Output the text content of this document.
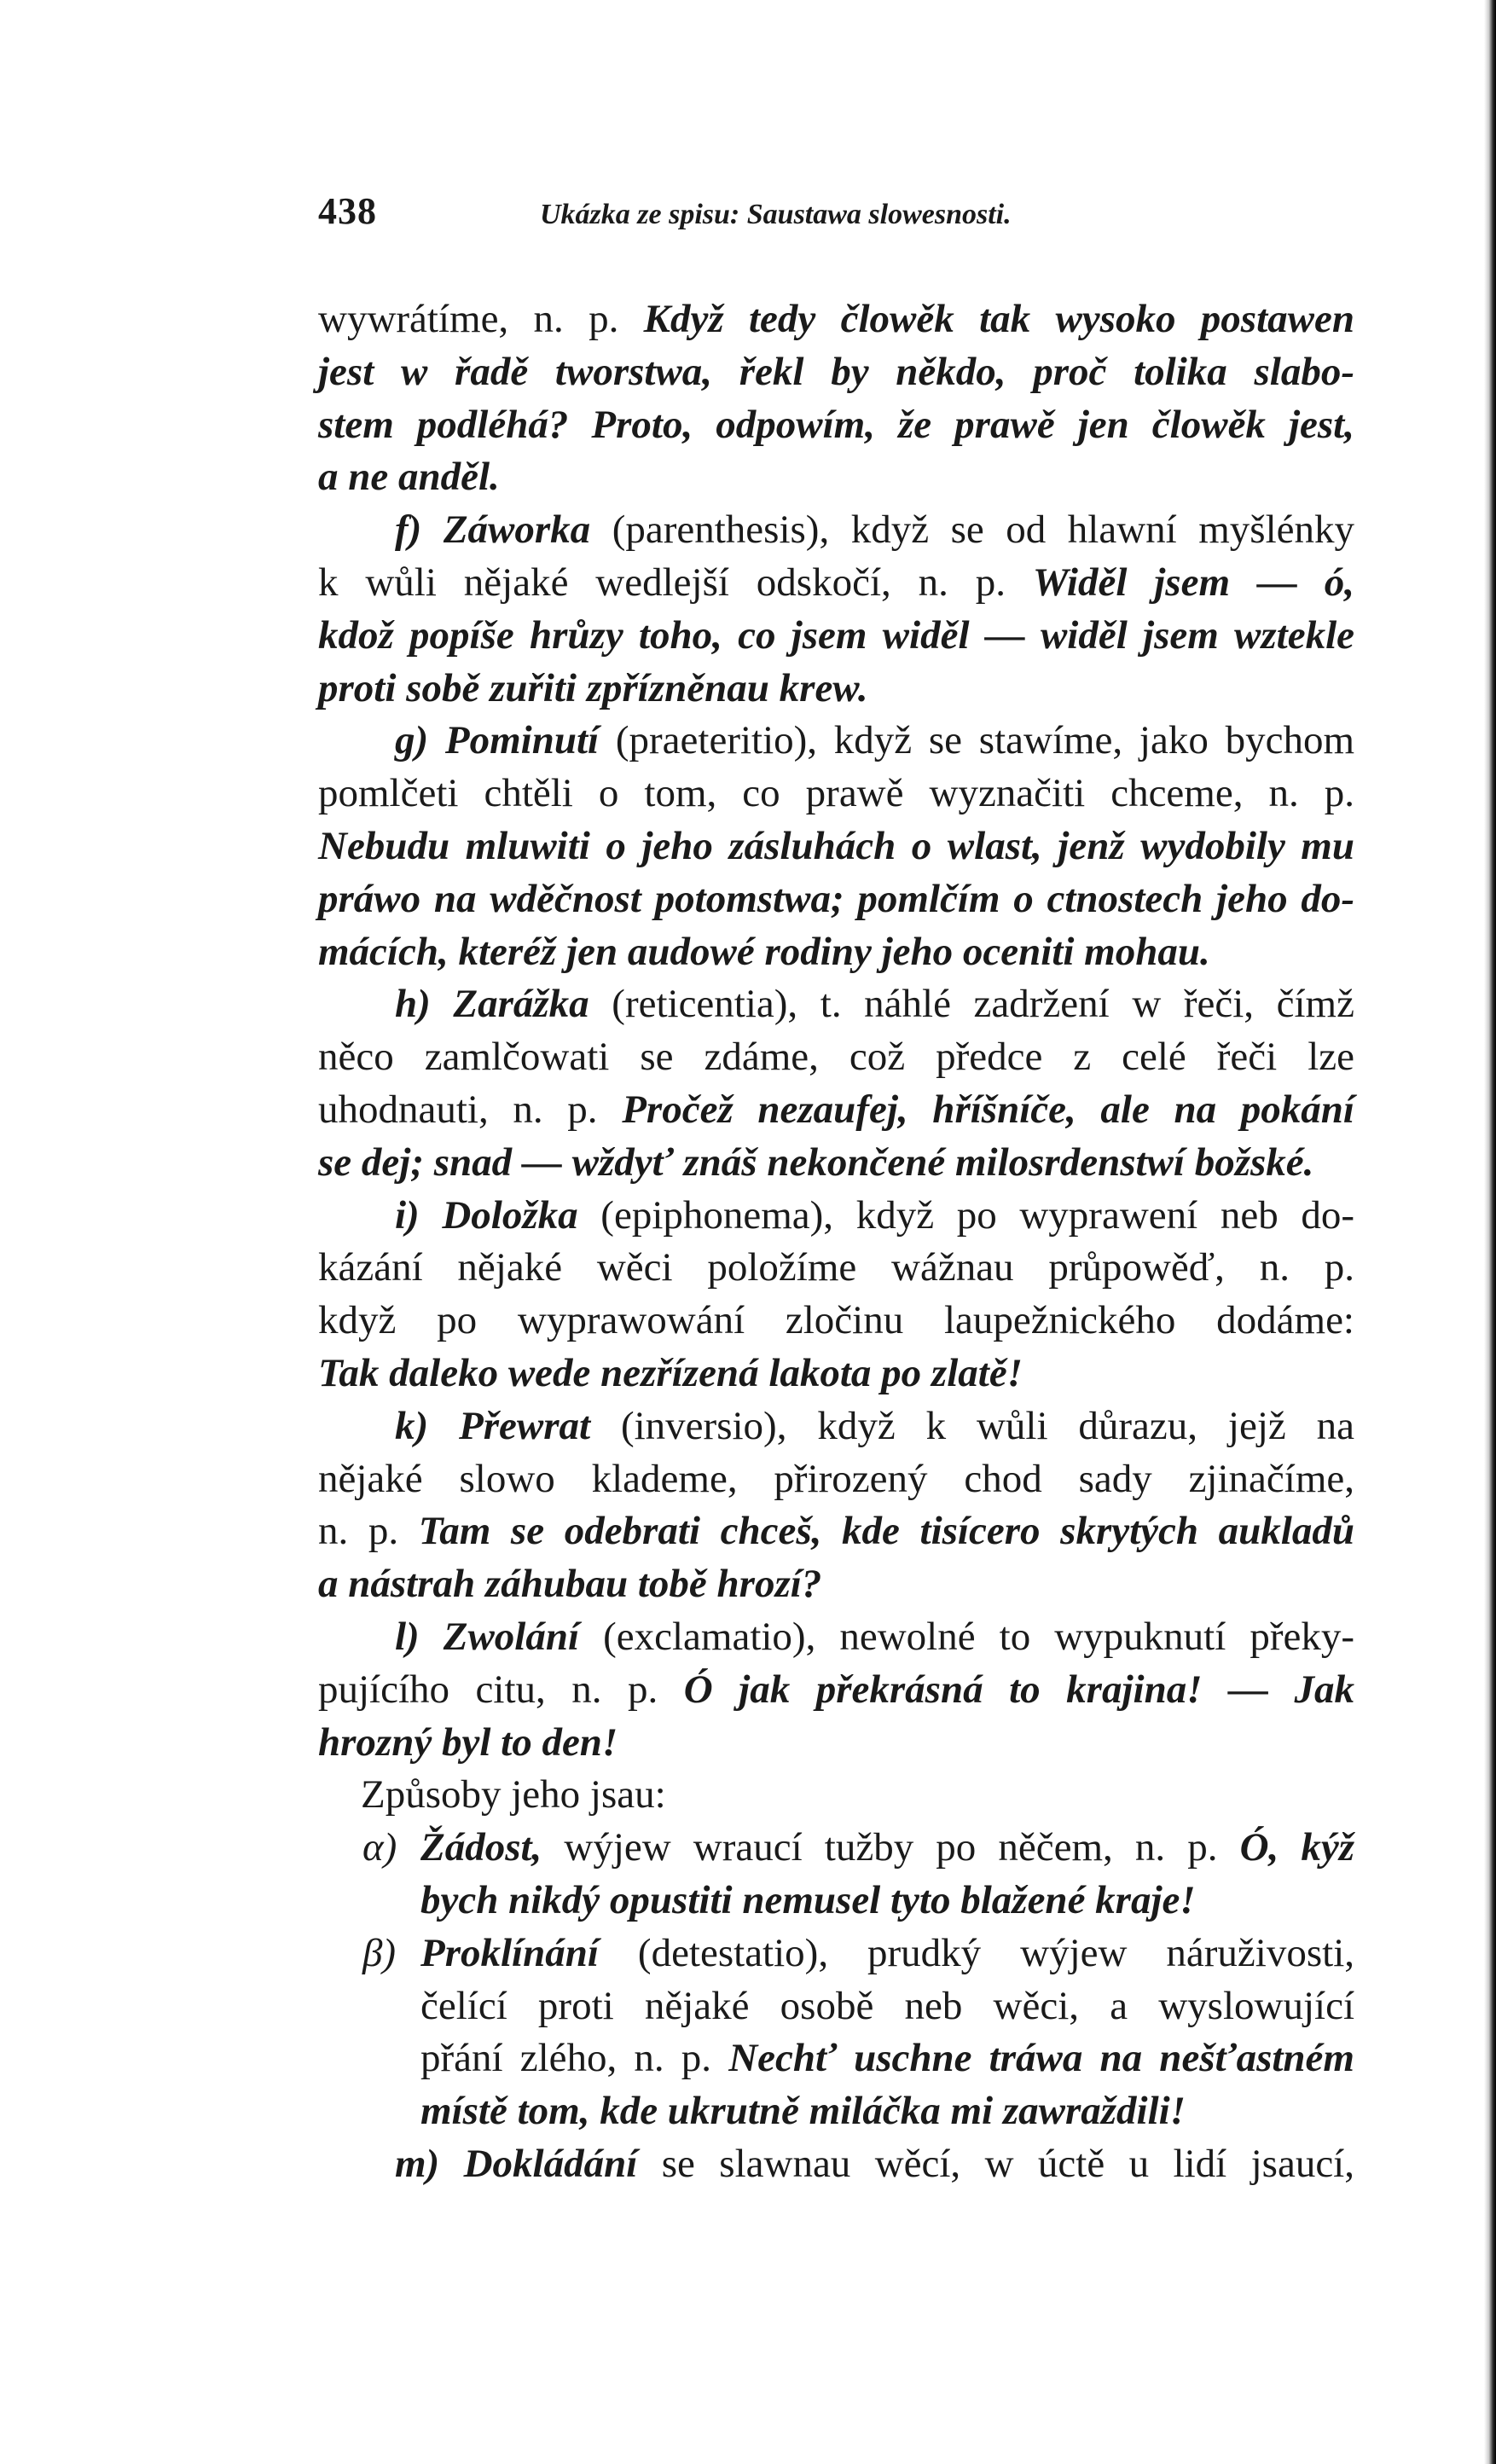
438	Ukázka ze spisu: Saustawa slowesnosti.
wywrátíme, n. p. Když tedy člowěk tak wysoko postawen
jest w řadě tworstwa, řekl by někdo, proč tolika slabo-
stem podléhá? Proto, odpowím, že prawě jen člowěk jest,
a ne anděl.
f) Záworka (parenthesis), když se od hlawní myšlénky
k wůli nějaké wedlejší odskočí, n. p. Widěl jsem — ó,
kdož popíše hrůzy toho, co jsem widěl — widěl jsem wztekle
proti sobě zuřiti zpřízněnau krew.
g) Pominutí (praeteritio), když se stawíme, jako bychom
pomlčeti chtěli o tom, co prawě wyznačiti chceme, n. p.
Nebudu mluwiti o jeho zásluhách o wlast, jenž wydobily mu
práwo na wděčnost potomstwa; pomlčím o ctnostech jeho do-
mácích, kteréž jen audowé rodiny jeho oceniti mohau.
h) Zarážka (reticentia), t. náhlé zadržení w řeči, čímž
něco zamlčowati se zdáme, což předce z celé řeči lze
uhodnauti, n. p. Pročež nezaufej, hříšníče, ale na pokání
se dej; snad — wždyť znáš nekončené milosrdenstwí božské.
i) Doložka (epiphonema), když po wyprawení neb do-
kázání nějaké wěci položíme wážnau průpowěď, n. p.
když po wyprawowání zločinu laupežnického dodáme:
Tak daleko wede nezřízená lakota po zlatě!
k) Přewrat (inversio), když k wůli důrazu, jejž na
nějaké slowo klademe, přirozený chod sady zjinačíme,
n. p. Tam se odebrati chceš, kde tisícero skrytých aukladů
a nástrah záhubau tobě hrozí?
l) Zwolání (exclamatio), newolné to wypuknutí překy-
pujícího citu, n. p. Ó jak překrásná to krajina! — Jak
hrozný byl to den!
Způsoby jeho jsau:
α) Žádost, wýjew wraucí tužby po něčem, n. p. Ó, kýž
bych nikdý opustiti nemusel tyto blažené kraje!
β) Proklínání (detestatio), prudký wýjew náruživosti,
čelící proti nějaké osobě neb wěci, a wyslowující
přání zlého, n. p. Nechť uschne tráwa na nešťastném
místě tom, kde ukrutně miláčka mi zawraždili!
m) Dokládání se slawnau wěcí, w úctě u lidí jsaucí,
